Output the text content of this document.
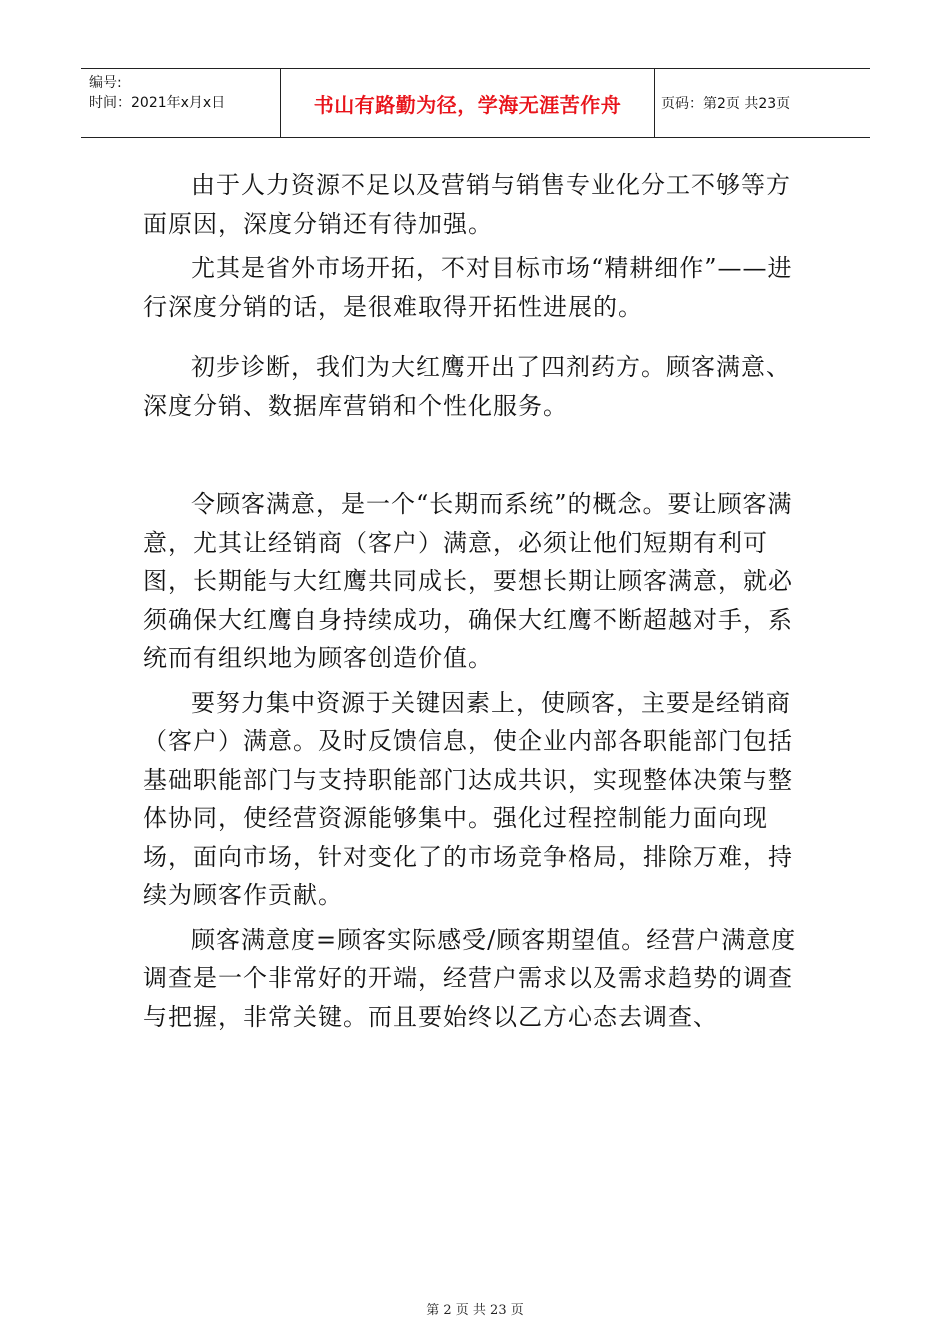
编号:
时间：2021年x月x日	书山有路勤为径，学海无涯苦作舟	页码：第2页 共23页

由于人力资源不足以及营销与销售专业化分工不够等方面原因，深度分销还有待加强。

尤其是省外市场开拓，不对目标市场“精耕细作”——进行深度分销的话，是很难取得开拓性进展的。

初步诊断，我们为大红鹰开出了四剂药方。顾客满意、深度分销、数据库营销和个性化服务。

令顾客满意，是一个“长期而系统”的概念。要让顾客满意，尤其让经销商（客户）满意，必须让他们短期有利可图，长期能与大红鹰共同成长，要想长期让顾客满意，就必须确保大红鹰自身持续成功，确保大红鹰不断超越对手，系统而有组织地为顾客创造价值。

要努力集中资源于关键因素上，使顾客，主要是经销商（客户）满意。及时反馈信息，使企业内部各职能部门包括基础职能部门与支持职能部门达成共识，实现整体决策与整体协同，使经营资源能够集中。强化过程控制能力面向现场，面向市场，针对变化了的市场竞争格局，排除万难，持续为顾客作贡献。

顾客满意度=顾客实际感受/顾客期望值。经营户满意度调查是一个非常好的开端，经营户需求以及需求趋势的调查与把握，非常关键。而且要始终以乙方心态去调查、

第 2 页 共 23 页
